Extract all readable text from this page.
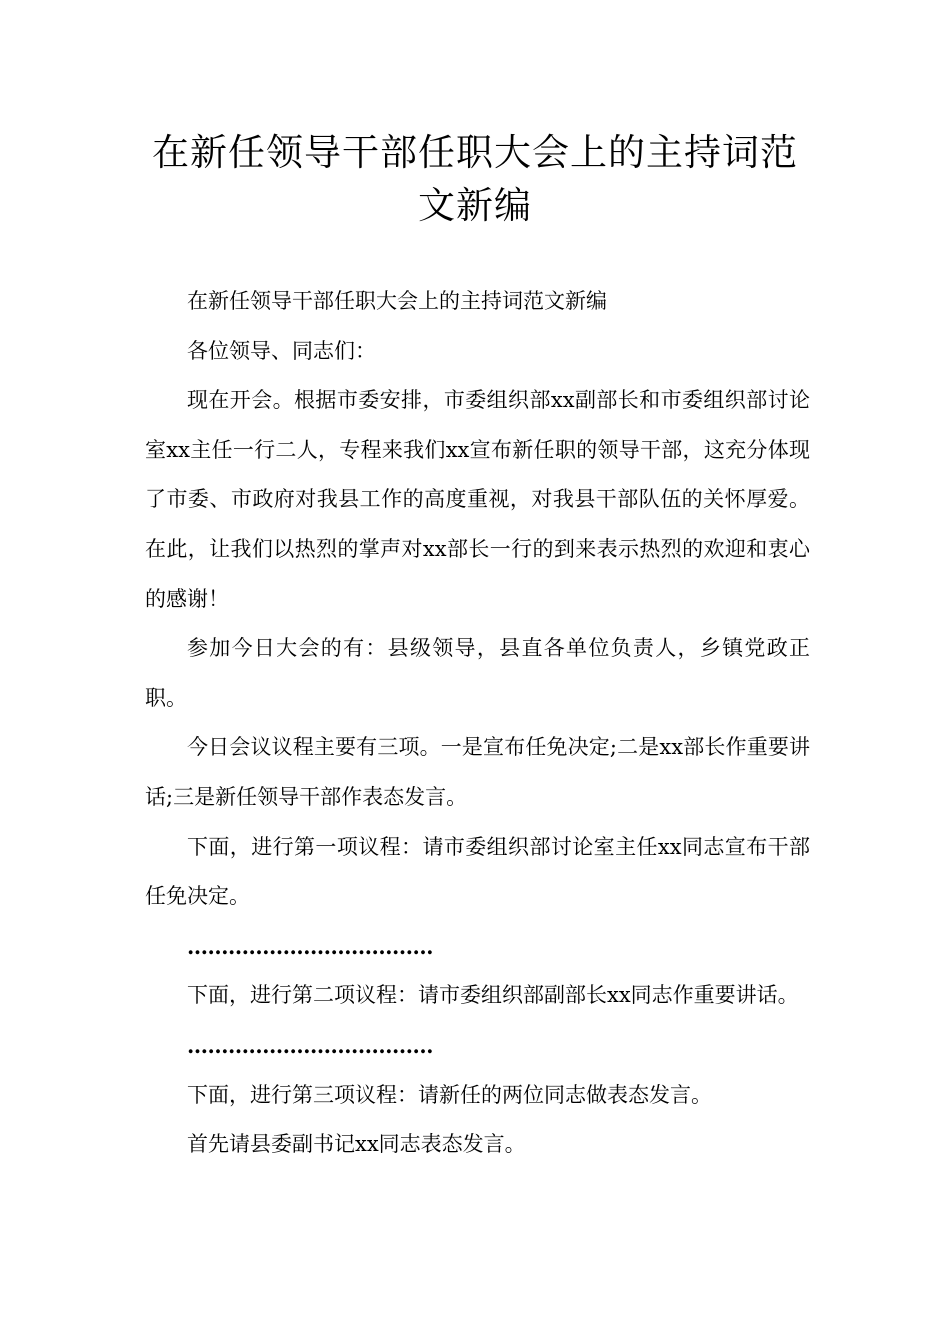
在新任领导干部任职大会上的主持词范
文新编

在新任领导干部任职大会上的主持词范文新编

各位领导、同志们：

现在开会。根据市委安排，市委组织部xx副部长和市委组织部讨论室xx主任一行二人，专程来我们xx宣布新任职的领导干部，这充分体现了市委、市政府对我县工作的高度重视，对我县干部队伍的关怀厚爱。在此，让我们以热烈的掌声对xx部长一行的到来表示热烈的欢迎和衷心的感谢！

参加今日大会的有：县级领导，县直各单位负责人，乡镇党政正职。

今日会议议程主要有三项。一是宣布任免决定;二是xx部长作重要讲话;三是新任领导干部作表态发言。

下面，进行第一项议程：请市委组织部讨论室主任xx同志宣布干部任免决定。

………………………………

下面，进行第二项议程：请市委组织部副部长xx同志作重要讲话。

………………………………

下面，进行第三项议程：请新任的两位同志做表态发言。

首先请县委副书记xx同志表态发言。
